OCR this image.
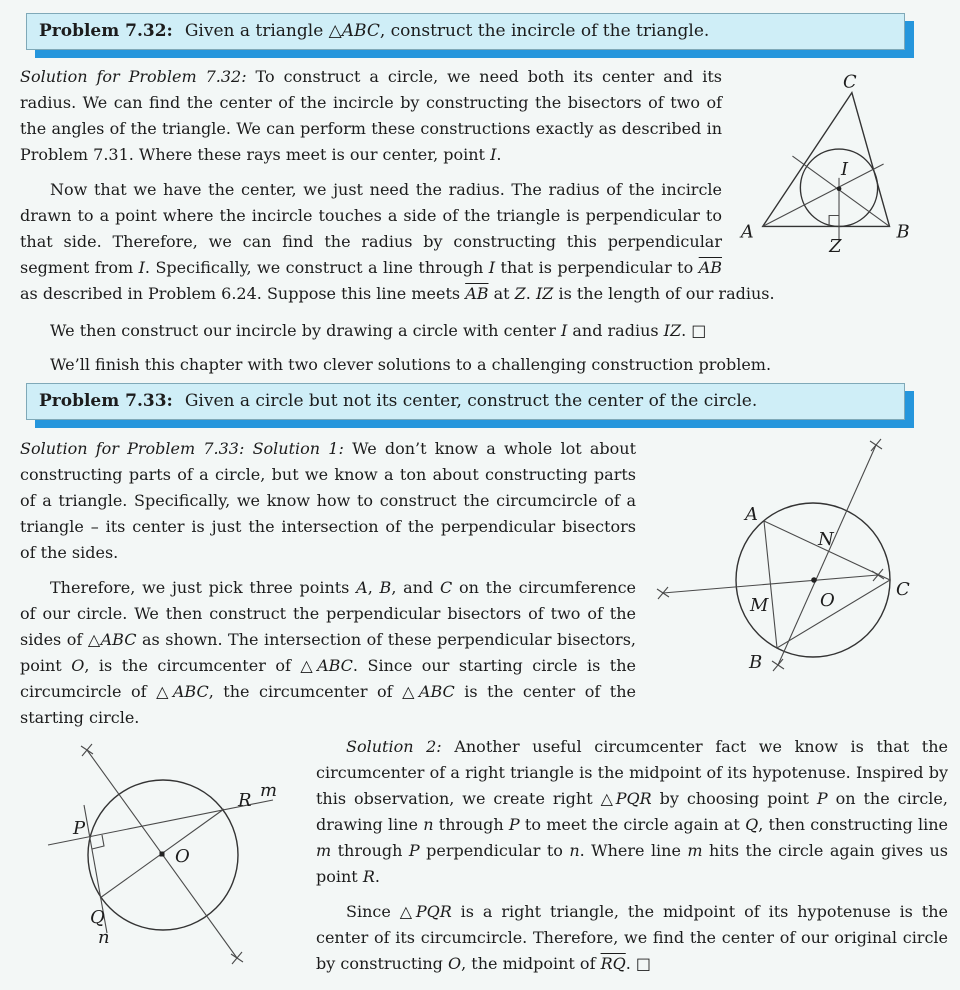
Problem 7.32: Given a triangle △ABC, construct the incircle of the triangle.
C
A	B
I
Z

Solution for Problem 7.32: To construct a circle, we need both its center and its radius. We can find the center of the incircle by constructing the bisectors of two of the angles of the triangle. We can perform these constructions exactly as described in Problem 7.31. Where these rays meet is our center, point I.

Now that we have the center, we just need the radius. The radius of the incircle drawn to a point where the incircle touches a side of the triangle is perpendicular to that side. Therefore, we can find the radius by constructing this perpendicular segment from I. Specifically, we construct a line through I that is perpendicular to $\overline{AB}$ as described in Problem 6.24. Suppose this line meets $\overline{AB}$ at Z. IZ is the length of our radius.

We then construct our incircle by drawing a circle with center I and radius IZ. □

We’ll finish this chapter with two clever solutions to a challenging construction problem.

Problem 7.33: Given a circle but not its center, construct the center of the circle.
A
B
C
M
N
O

Solution for Problem 7.33: Solution 1: We don’t know a whole lot about constructing parts of a circle, but we know a ton about constructing parts of a triangle. Specifically, we know how to construct the circumcircle of a triangle – its center is just the intersection of the perpendicular bisectors of the sides.

Therefore, we just pick three points A, B, and C on the circumference of our circle. We then construct the perpendicular bisectors of two of the sides of △ABC as shown. The intersection of these perpendicular bisectors, point O, is the circumcenter of △ABC. Since our starting circle is the circumcircle of △ABC, the circumcenter of △ABC is the center of the starting circle.

P
Q
R
O
m
n

Solution 2: Another useful circumcenter fact we know is that the circumcenter of a right triangle is the midpoint of its hypotenuse. Inspired by this observation, we create right △PQR by choosing point P on the circle, drawing line n through P to meet the circle again at Q, then constructing line m through P perpendicular to n. Where line m hits the circle again gives us point R.

Since △PQR is a right triangle, the midpoint of its hypotenuse is the center of its circumcircle. Therefore, we find the center of our original circle by constructing O, the midpoint of $\overline{RQ}$. □
